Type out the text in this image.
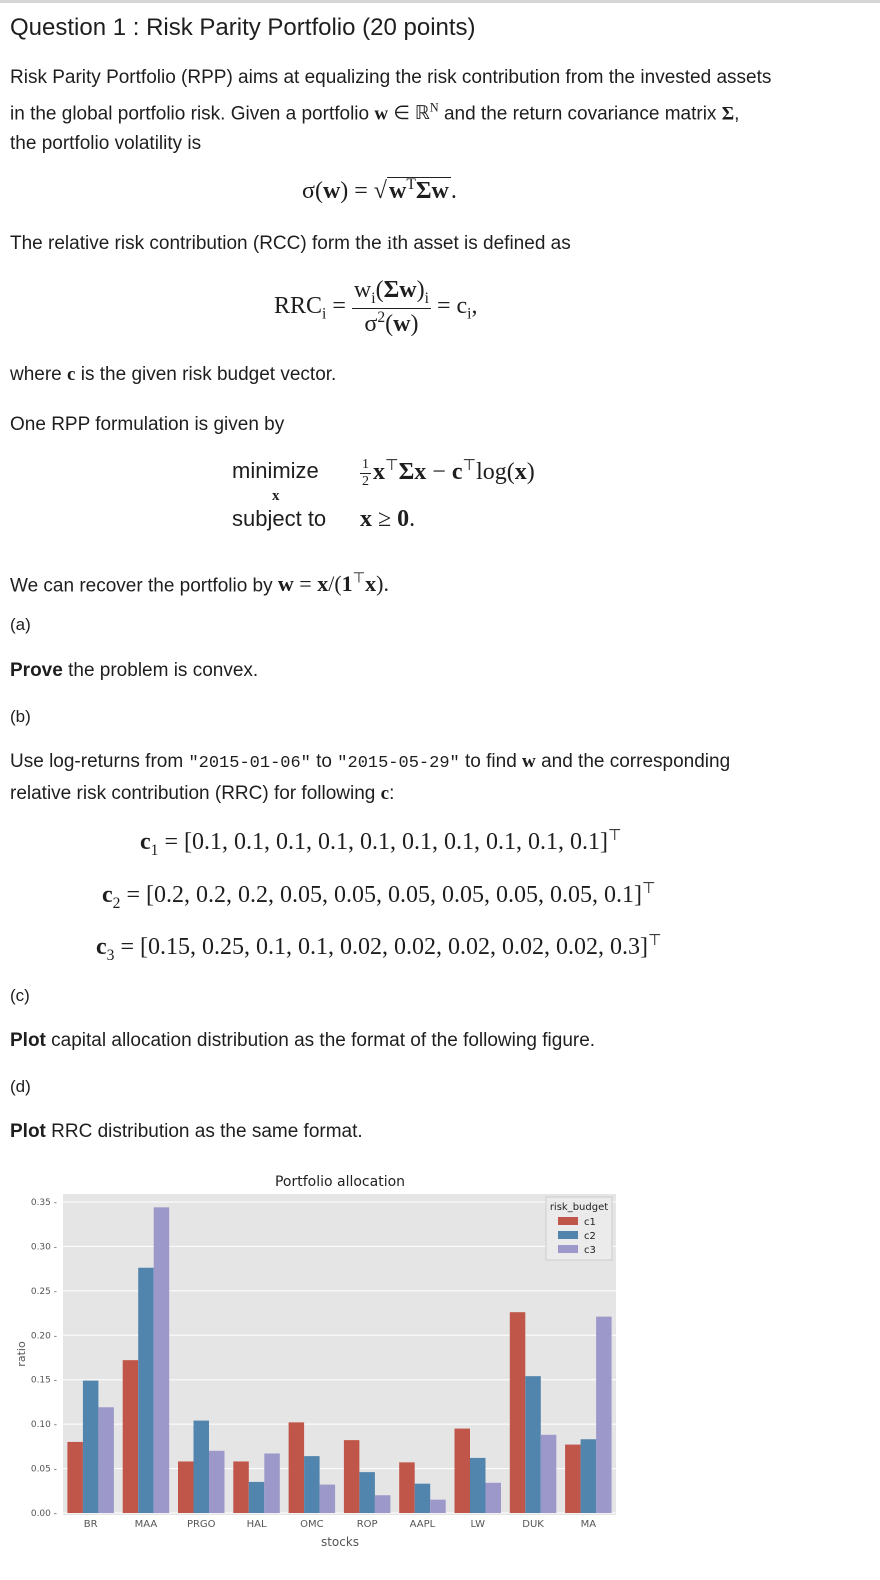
Question 1 : Risk Parity Portfolio (20 points)
Risk Parity Portfolio (RPP) aims at equalizing the risk contribution from the invested assets
in the global portfolio risk. Given a portfolio w ∈ ℝ$^N$ and the return covariance matrix Σ,
the portfolio volatility is
$\sigma(w) = √w^T\Sigma w$.
The relative risk contribution (RCC) form the ith asset is defined as
$RRC_i = \frac{w_i(\Sigma w)_i}{\sigma^2(w)} = c_i$,
where c is the given risk budget vector.
One RPP formulation is given by
minimize
x
$\frac{1}{2} x^⊤\Sigma x - c^⊤\log(x)$
subject to x ≥ 0.
We can recover the portfolio by w = x/(1⊤x).
(a)
Prove the problem is convex.
(b)
Use log-returns from "2015-01-06" to "2015-05-29" to find w and the corresponding
relative risk contribution (RRC) for following c:
$c_1 = [0.1$, 0.1, 0.1, 0.1, 0.1, 0.1, 0.1, 0.1, 0.1, 0.1]⊤
$c_2 = [0.2$, 0.2, 0.2, 0.05, 0.05, 0.05, 0.05, 0.05, 0.05, 0.1]⊤
$c_3 = [0.15$, 0.25, 0.1, 0.1, 0.02, 0.02, 0.02, 0.02, 0.02, 0.3]⊤
(c)
Plot capital allocation distribution as the format of the following figure.
(d)
Plot RRC distribution as the same format.
Portfolio allocation
0.00 -
0.05 -
0.10 -
0.15 -
0.20 -
0.25 -
0.30 -
0.35 -
BR	MAA	PRGO	HAL	OMC	ROP	AAPL	LW	DUK	MA
ratio
stocks
risk_budget
c1
c2
c3
